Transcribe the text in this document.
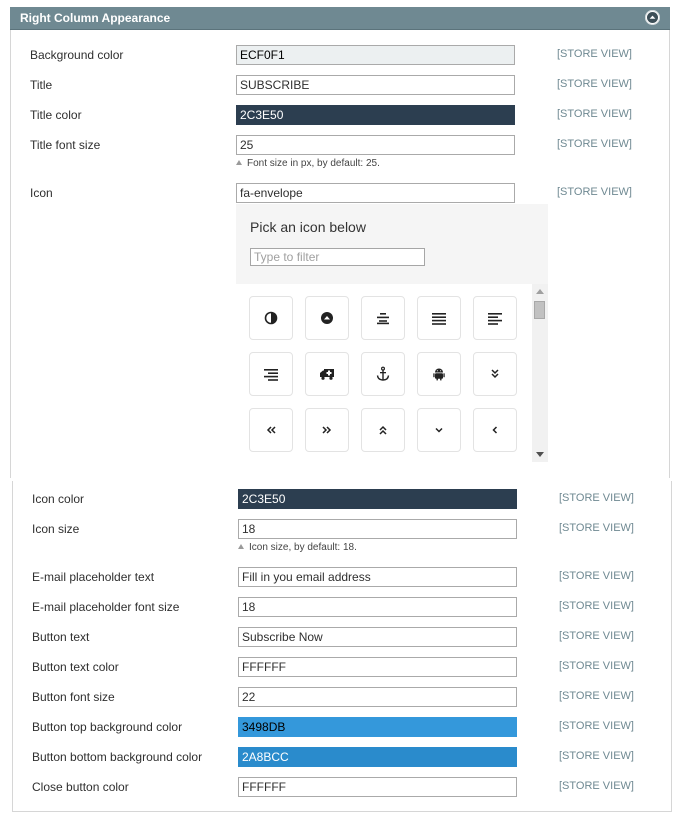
Right Column Appearance
Background color	ECF0F1	[STORE VIEW]
Title	SUBSCRIBE	[STORE VIEW]
Title color	2C3E50	[STORE VIEW]
Title font size	25	[STORE VIEW]
Font size in px, by default: 25.
Icon	fa-envelope	[STORE VIEW]
Pick an icon below
Type to filter
Icon color	2C3E50	[STORE VIEW]
Icon size	18	[STORE VIEW]
Icon size, by default: 18.
E-mail placeholder text	Fill in you email address	[STORE VIEW]
E-mail placeholder font size	18	[STORE VIEW]
Button text	Subscribe Now	[STORE VIEW]
Button text color	FFFFFF	[STORE VIEW]
Button font size	22	[STORE VIEW]
Button top background color	3498DB	[STORE VIEW]
Button bottom background color	2A8BCC	[STORE VIEW]
Close button color	FFFFFF	[STORE VIEW]
